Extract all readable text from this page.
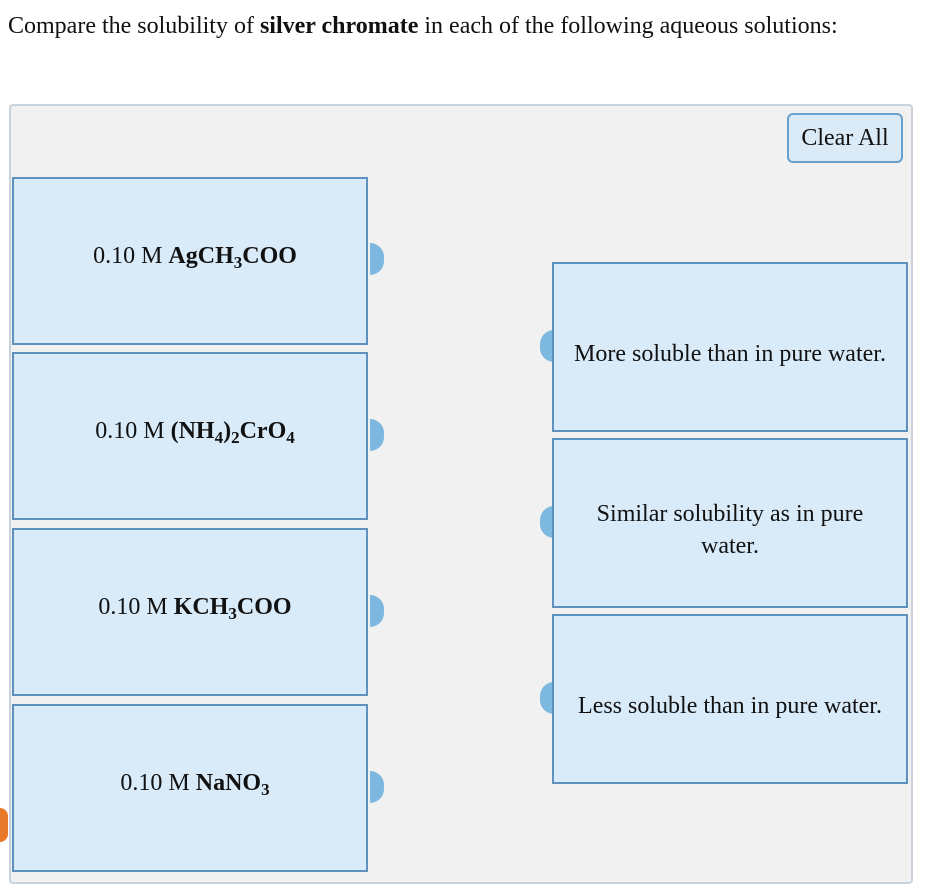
Compare the solubility of silver chromate in each of the following aqueous solutions:
Clear All
0.10 M AgCH$_3$COO
0.10 M $(NH_4)_2CrO_4$
0.10 M $KCH_3COO$
0.10 M NaNO$_3$
More soluble than in pure water.
Similar solubility as in pure water.
Less soluble than in pure water.
